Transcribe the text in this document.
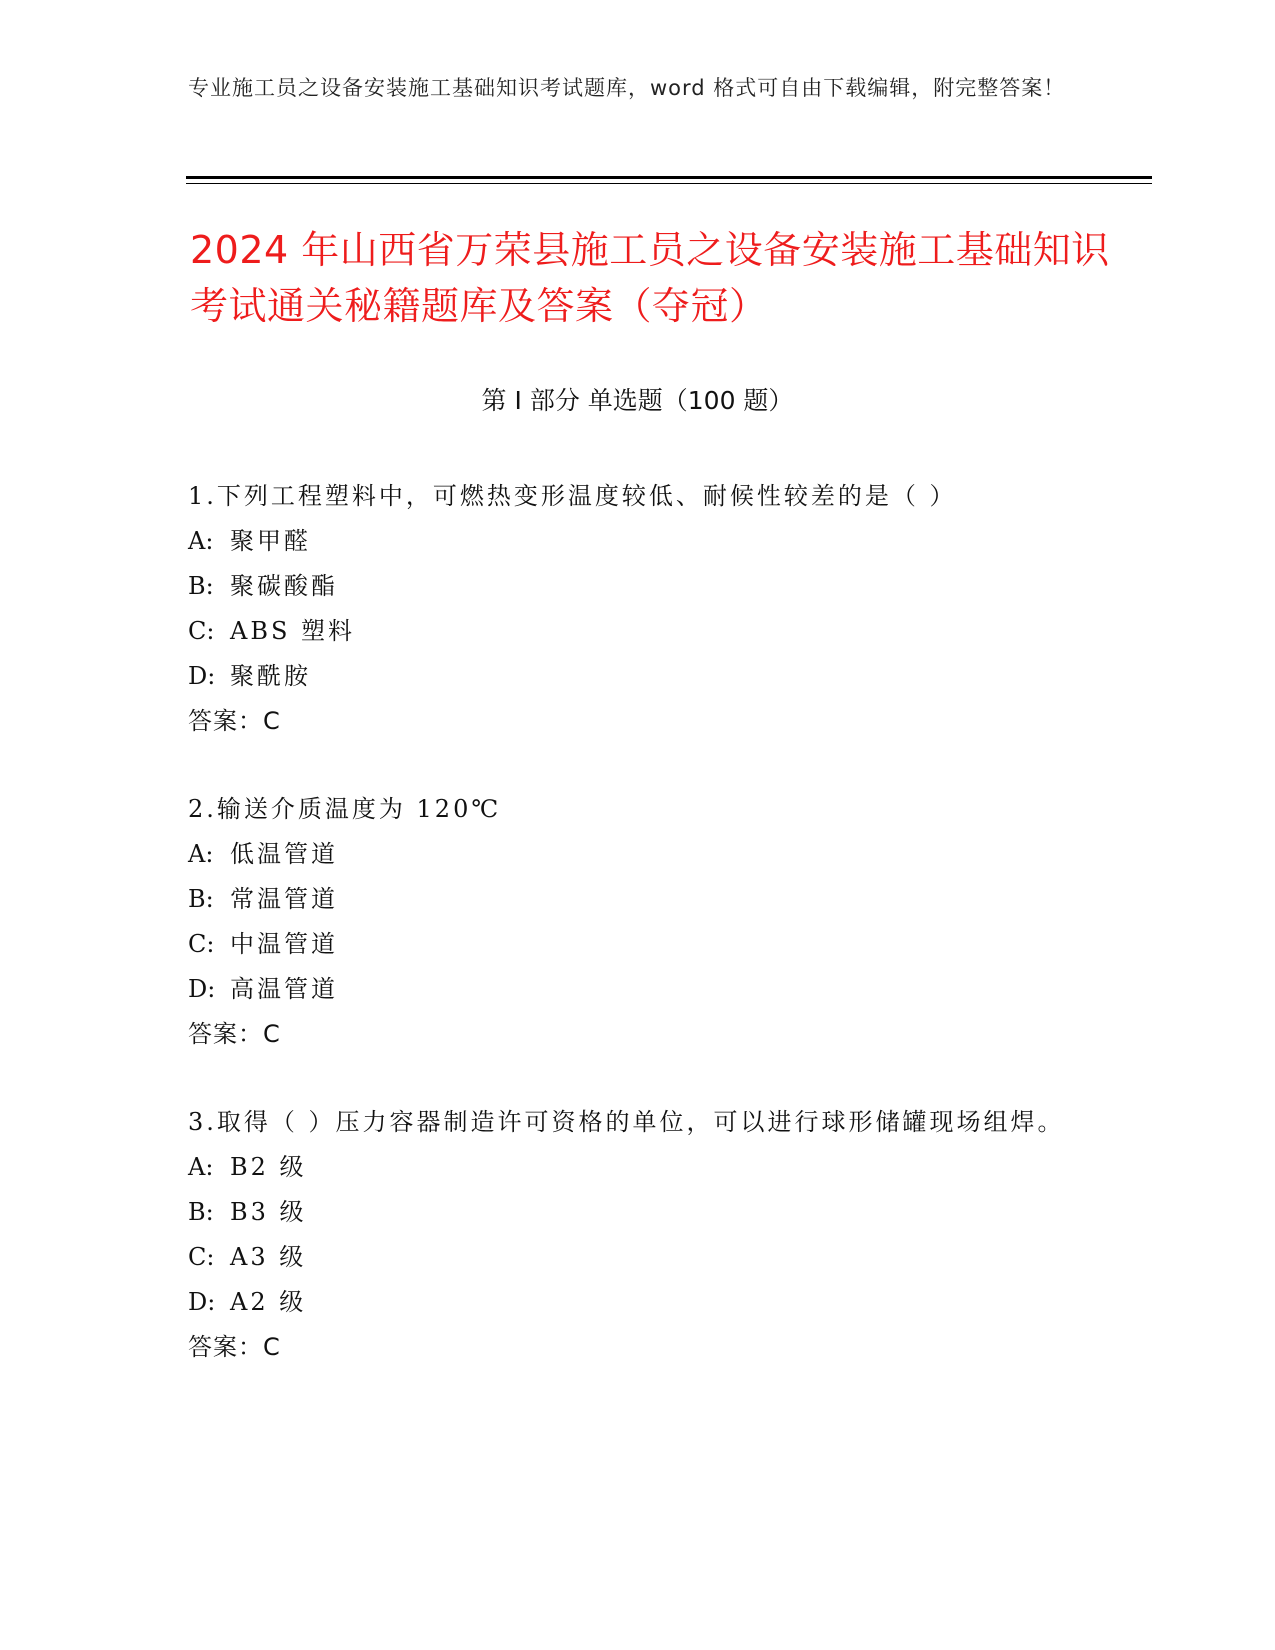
专业施工员之设备安装施工基础知识考试题库，word 格式可自由下载编辑，附完整答案！
2024 年山西省万荣县施工员之设备安装施工基础知识考试通关秘籍题库及答案（夺冠）
第 I 部分 单选题（100 题）
1.下列工程塑料中，可燃热变形温度较低、耐候性较差的是（ ）
A: 聚甲醛
B: 聚碳酸酯
C: ABS 塑料
D: 聚酰胺
答案：C
2.输送介质温度为 120℃
A: 低温管道
B: 常温管道
C: 中温管道
D: 高温管道
答案：C
3.取得（ ）压力容器制造许可资格的单位，可以进行球形储罐现场组焊。
A: B2 级
B: B3 级
C: A3 级
D: A2 级
答案：C
